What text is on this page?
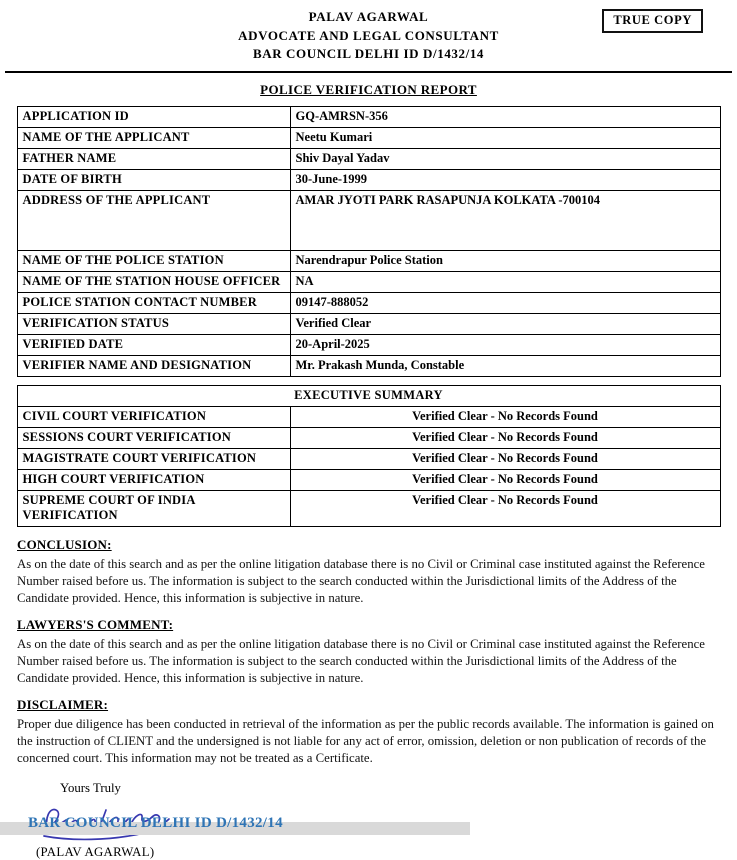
PALAV AGARWAL
ADVOCATE AND LEGAL CONSULTANT
BAR COUNCIL DELHI ID D/1432/14
TRUE COPY
POLICE VERIFICATION REPORT
APPLICATION ID	GQ-AMRSN-356
NAME OF THE APPLICANT	Neetu Kumari
FATHER NAME	Shiv Dayal Yadav
DATE OF BIRTH	30-June-1999
ADDRESS OF THE APPLICANT	AMAR JYOTI PARK RASAPUNJA KOLKATA -700104
NAME OF THE POLICE STATION	Narendrapur Police Station
NAME OF THE STATION HOUSE OFFICER	NA
POLICE STATION CONTACT NUMBER	09147-888052
VERIFICATION STATUS	Verified Clear
VERIFIED DATE	20-April-2025
VERIFIER NAME AND DESIGNATION	Mr. Prakash Munda, Constable
EXECUTIVE SUMMARY	
CIVIL COURT VERIFICATION	Verified Clear - No Records Found
SESSIONS COURT VERIFICATION	Verified Clear - No Records Found
MAGISTRATE COURT VERIFICATION	Verified Clear - No Records Found
HIGH COURT VERIFICATION	Verified Clear - No Records Found
SUPREME COURT OF INDIA VERIFICATION	Verified Clear - No Records Found
CONCLUSION:

As on the date of this search and as per the online litigation database there is no Civil or Criminal case instituted against the Reference Number raised before us. The information is subject to the search conducted within the Jurisdictional limits of the Address of the Candidate provided. Hence, this information is subjective in nature.

LAWYERS'S COMMENT:

As on the date of this search and as per the online litigation database there is no Civil or Criminal case instituted against the Reference Number raised before us. The information is subject to the search conducted within the Jurisdictional limits of the Address of the Candidate provided. Hence, this information is subjective in nature.

DISCLAIMER:

Proper due diligence has been conducted in retrieval of the information as per the public records available. The information is gained on the instruction of CLIENT and the undersigned is not liable for any act of error, omission, deletion or non publication of records of the concerned court. This information may not be treated as a Certificate.

Yours Truly
(PALAV AGARWAL)
BAR COUNCIL DELHI ID D/1432/14
